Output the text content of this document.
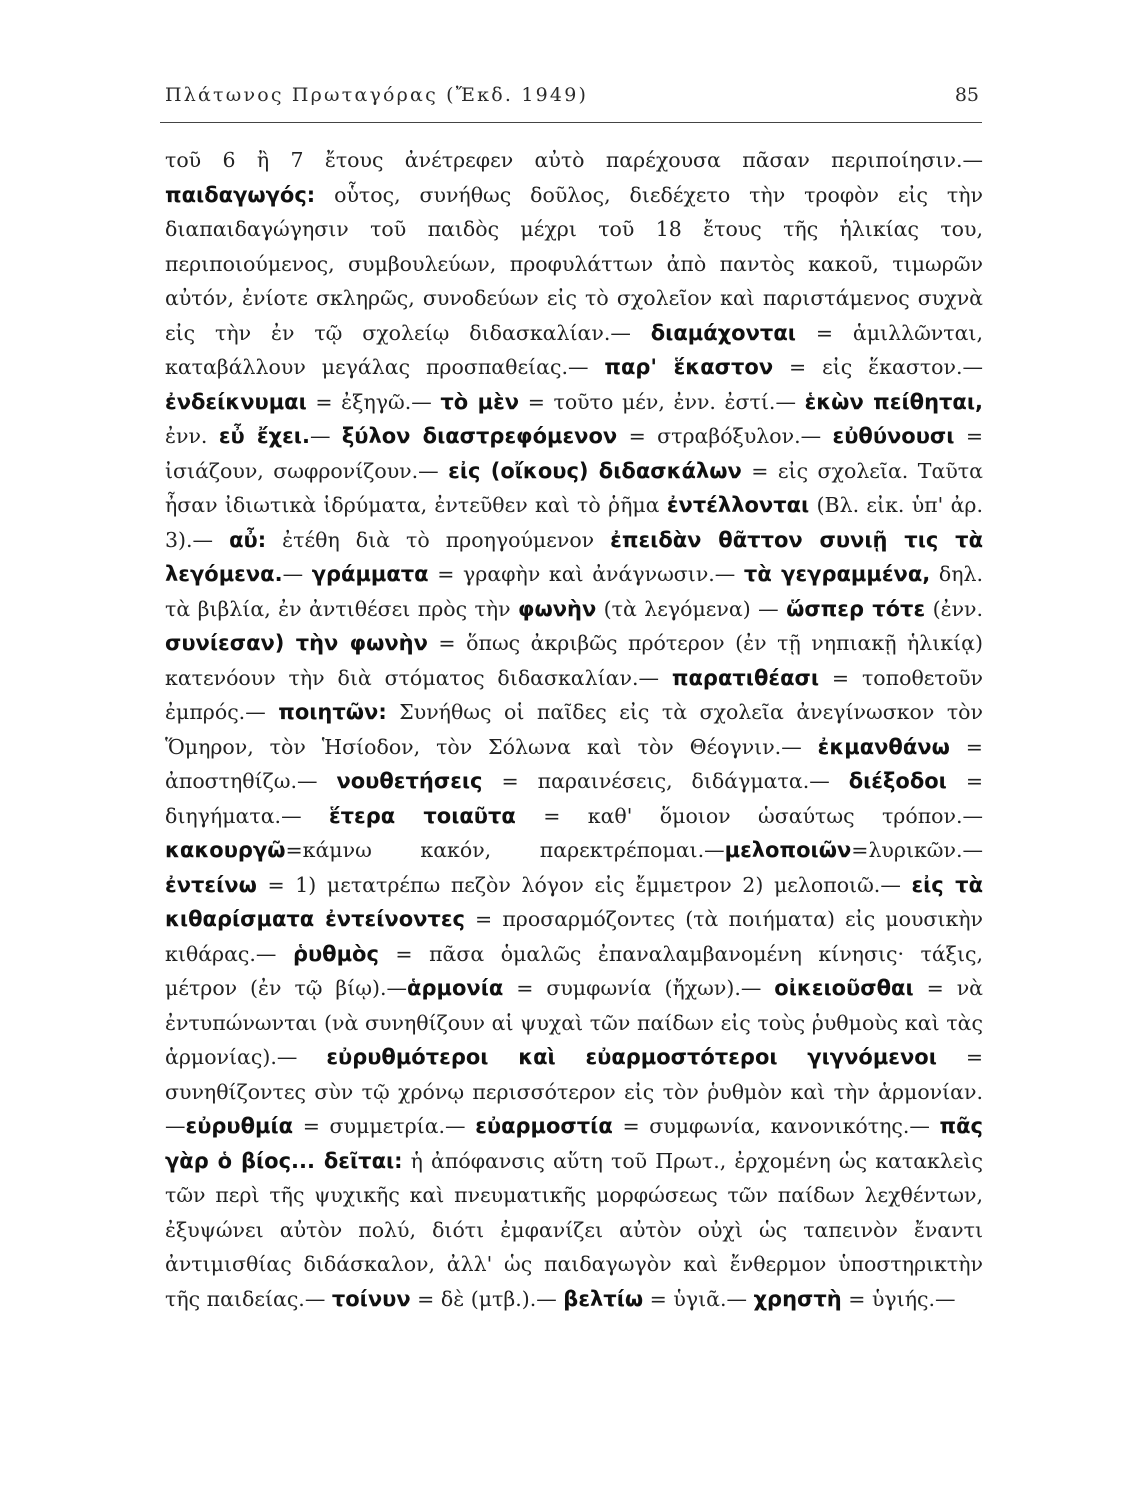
Πλάτωνος Πρωταγόρας (Ἔκδ. 1949)	85
τοῦ 6 ἢ 7 ἔτους ἀνέτρεφεν αὐτὸ παρέχουσα πᾶσαν περιποίησιν.— παιδαγωγός: οὗτος, συνήθως δοῦλος, διεδέχετο τὴν τροφὸν εἰς τὴν διαπαιδαγώγησιν τοῦ παιδὸς μέχρι τοῦ 18 ἔτους τῆς ἡλικίας του, περιποιούμενος, συμβουλεύων, προφυλάττων ἀπὸ παντὸς κακοῦ, τιμωρῶν αὐτόν, ἐνίοτε σκληρῶς, συνοδεύων εἰς τὸ σχολεῖον καὶ παριστάμενος συχνὰ εἰς τὴν ἐν τῷ σχολείῳ διδασκαλίαν.— διαμάχονται = ἁμιλλῶνται, καταβάλλουν μεγάλας προσπαθείας.— παρ' ἕκαστον = εἰς ἕκαστον.— ἐνδείκνυμαι = ἐξηγῶ.— τὸ μὲν = τοῦτο μέν, ἐνν. ἐστί.— ἑκὼν πείθηται, ἐνν. εὖ ἔχει.— ξύλον διαστρεφόμενον = στραβόξυλον.— εὐθύνουσι = ἰσιάζουν, σωφρονίζουν.— εἰς (οἴκους) διδασκάλων = εἰς σχολεῖα. Ταῦτα ἦσαν ἰδιωτικὰ ἱδρύματα, ἐντεῦθεν καὶ τὸ ῥῆμα ἐντέλλονται (Βλ. εἰκ. ὑπ' ἀρ. 3).— αὖ: ἐτέθη διὰ τὸ προηγούμενον ἐπειδὰν θᾶττον συνιῇ τις τὰ λεγόμενα.— γράμματα = γραφὴν καὶ ἀνάγνωσιν.— τὰ γεγραμμένα, δηλ. τὰ βιβλία, ἐν ἀντιθέσει πρὸς τὴν φωνὴν (τὰ λεγόμενα) — ὥσπερ τότε (ἐνν. συνίεσαν) τὴν φωνὴν = ὅπως ἀκριβῶς πρότερον (ἐν τῇ νηπιακῇ ἡλικίᾳ) κατενόουν τὴν διὰ στόματος διδασκαλίαν.— παρατιθέασι = τοποθετοῦν ἐμπρός.— ποιητῶν: Συνήθως οἱ παῖδες εἰς τὰ σχολεῖα ἀνεγίνωσκον τὸν Ὅμηρον, τὸν Ἡσίοδον, τὸν Σόλωνα καὶ τὸν Θέογνιν.— ἐκμανθάνω = ἀποστηθίζω.— νουθετήσεις = παραινέσεις, διδάγματα.— διέξοδοι = διηγήματα.— ἕτερα τοιαῦτα = καθ' ὅμοιον ὡσαύτως τρόπον.— κακουργῶ=κάμνω κακόν, παρεκτρέπομαι.—μελοποιῶν=λυρικῶν.— ἐντείνω = 1) μετατρέπω πεζὸν λόγον εἰς ἔμμετρον 2) μελοποιῶ.— εἰς τὰ κιθαρίσματα ἐντείνοντες = προσαρμόζοντες (τὰ ποιήματα) εἰς μουσικὴν κιθάρας.— ῥυθμὸς = πᾶσα ὁμαλῶς ἐπαναλαμβανομένη κίνησις· τάξις, μέτρον (ἐν τῷ βίῳ).—ἁρμονία = συμφωνία (ἤχων).— οἰκειοῦσθαι = νὰ ἐντυπώνωνται (νὰ συνηθίζουν αἱ ψυχαὶ τῶν παίδων εἰς τοὺς ῥυθμοὺς καὶ τὰς ἁρμονίας).— εὐρυθμότεροι καὶ εὐαρμοστότεροι γιγνόμενοι = συνηθίζοντες σὺν τῷ χρόνῳ περισσότερον εἰς τὸν ῥυθμὸν καὶ τὴν ἁρμονίαν.—εὐρυθμία = συμμετρία.— εὐαρμοστία = συμφωνία, κανονικότης.— πᾶς γὰρ ὁ βίος... δεῖται: ἡ ἀπόφανσις αὕτη τοῦ Πρωτ., ἐρχομένη ὡς κατακλεὶς τῶν περὶ τῆς ψυχικῆς καὶ πνευματικῆς μορφώσεως τῶν παίδων λεχθέντων, ἐξυψώνει αὐτὸν πολύ, διότι ἐμφανίζει αὐτὸν οὐχὶ ὡς ταπεινὸν ἔναντι ἀντιμισθίας διδάσκαλον, ἀλλ' ὡς παιδαγωγὸν καὶ ἔνθερμον ὑποστηρικτὴν τῆς παιδείας.— τοίνυν = δὲ (μτβ.).— βελτίω = ὑγιᾶ.— χρηστὴ = ὑγιής.—
